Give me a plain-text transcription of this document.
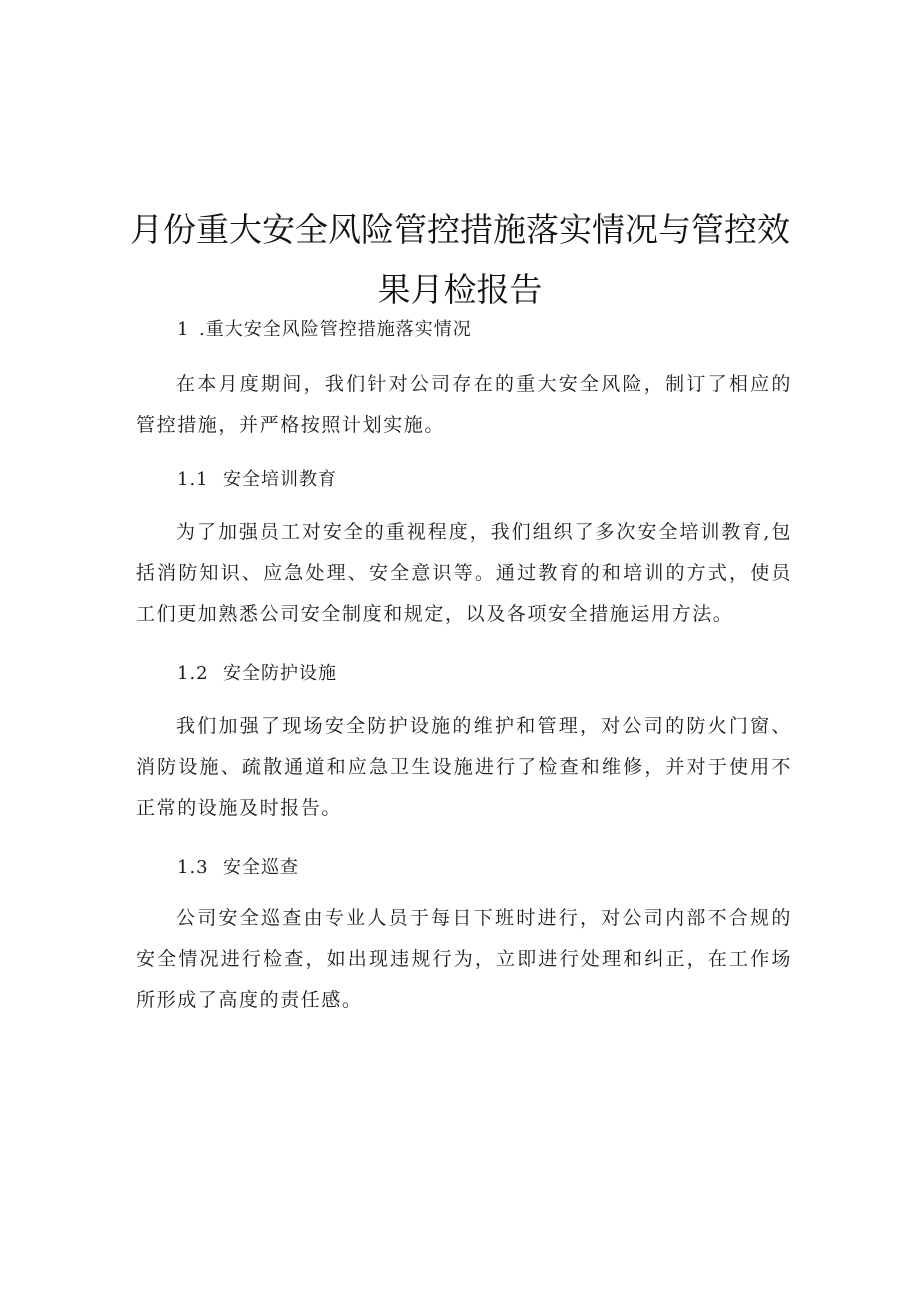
月份重大安全风险管控措施落实情况与管控效果月检报告

1 .重大安全风险管控措施落实情况

在本月度期间，我们针对公司存在的重大安全风险，制订了相应的管控措施，并严格按照计划实施。

1.1 安全培训教育

为了加强员工对安全的重视程度，我们组织了多次安全培训教育,包括消防知识、应急处理、安全意识等。通过教育的和培训的方式，使员工们更加熟悉公司安全制度和规定，以及各项安全措施运用方法。

1.2 安全防护设施

我们加强了现场安全防护设施的维护和管理，对公司的防火门窗、消防设施、疏散通道和应急卫生设施进行了检查和维修，并对于使用不正常的设施及时报告。

1.3 安全巡查

公司安全巡查由专业人员于每日下班时进行，对公司内部不合规的安全情况进行检查，如出现违规行为，立即进行处理和纠正，在工作场所形成了高度的责任感。
